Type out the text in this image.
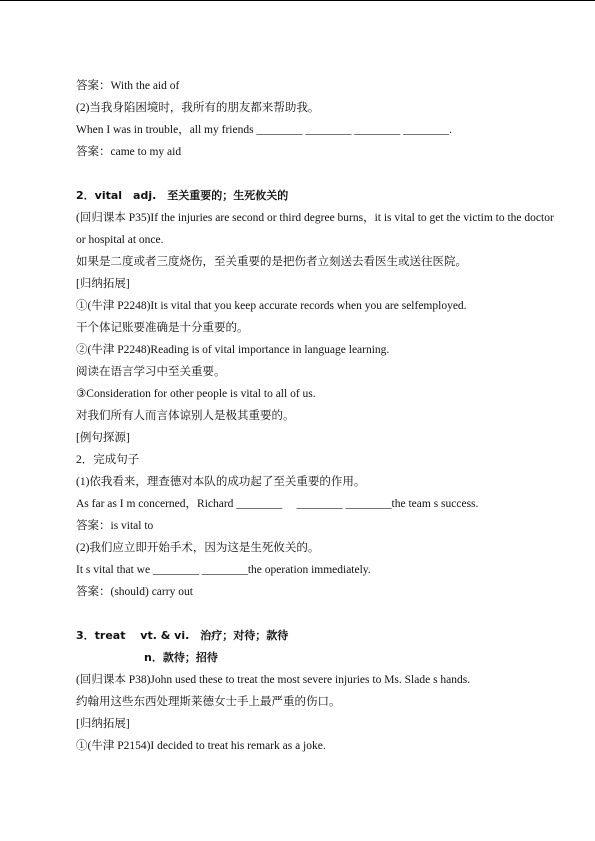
答案：With the aid of
(2)当我身陷困境时，我所有的朋友都来帮助我。
When I was in trouble，all my friends ________ ________ ________ ________.
答案：came to my aid
2．vital　adj.　至关重要的；生死攸关的
(回归课本 P35)If the injuries are second or third degree burns，it is vital to get the victim to the doctor or hospital at once.
如果是二度或者三度烧伤，至关重要的是把伤者立刻送去看医生或送往医院。
[归纳拓展]
①(牛津 P2248)It is vital that you keep accurate records when you are selfemployed.
干个体记账要准确是十分重要的。
②(牛津 P2248)Reading is of vital importance in language learning.
阅读在语言学习中至关重要。
③Consideration for other people is vital to all of us.
对我们所有人而言体谅别人是极其重要的。
[例句探源]
2．完成句子
(1)依我看来，理查德对本队的成功起了至关重要的作用。
As far as I m concerned，Richard ________　 ________ ________the team s success.
答案：is vital to
(2)我们应立即开始手术，因为这是生死攸关的。
It s vital that we ________ ________the operation immediately.
答案：(should) carry out
3．treat　 vt. & vi.　治疗；对待；款待
n．款待；招待
(回归课本 P38)John used these to treat the most severe injuries to Ms. Slade s hands.
约翰用这些东西处理斯莱德女士手上最严重的伤口。
[归纳拓展]
①(牛津 P2154)I decided to treat his remark as a joke.
